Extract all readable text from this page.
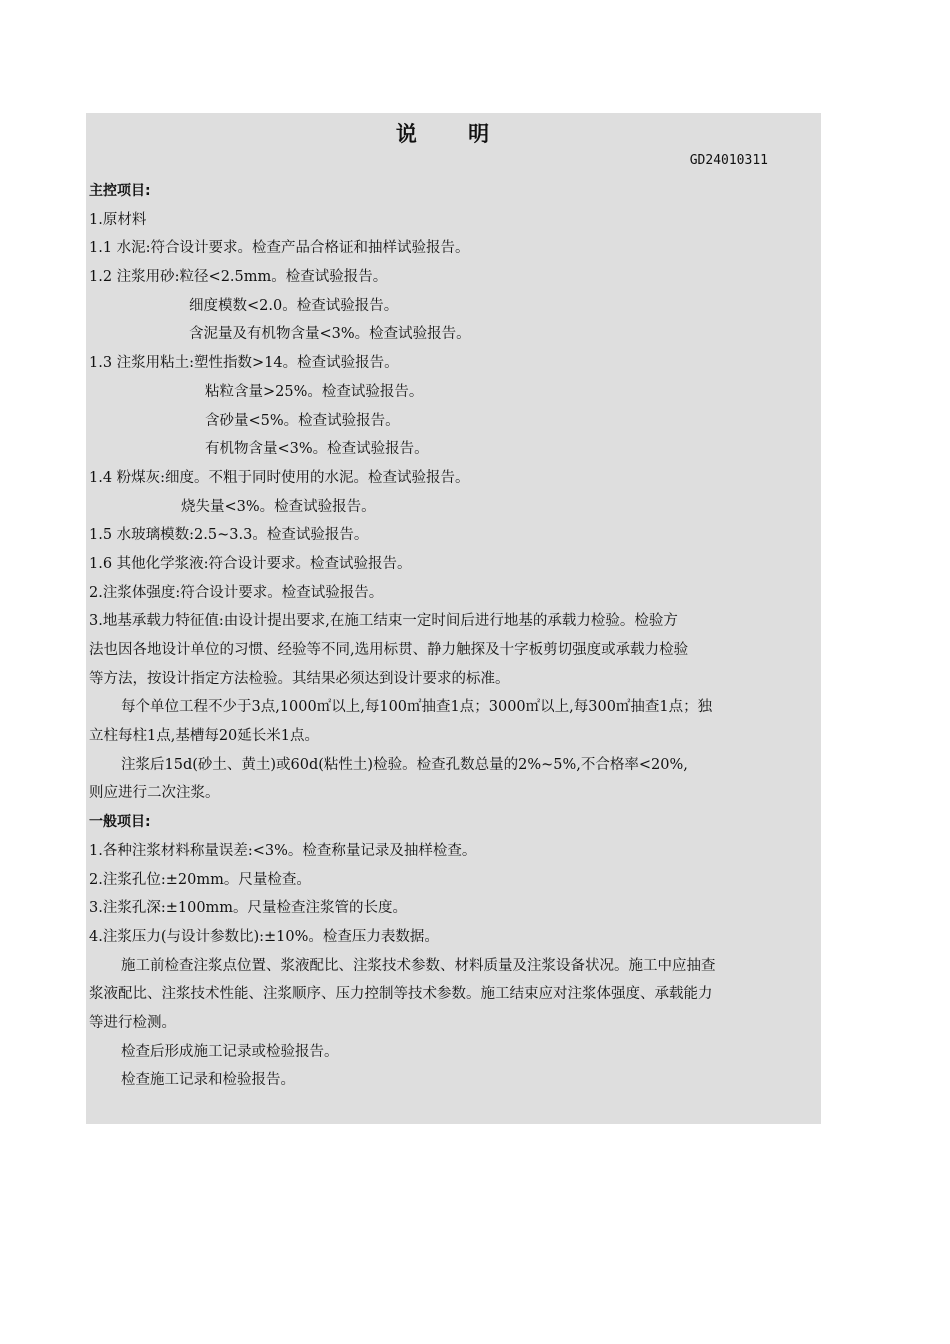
说 明
GD24010311
主控项目:
1.原材料
1.1 水泥:符合设计要求。检查产品合格证和抽样试验报告。
1.2 注浆用砂:粒径<2.5mm。检查试验报告。
细度模数<2.0。检查试验报告。
含泥量及有机物含量<3%。检查试验报告。
1.3 注浆用粘土:塑性指数>14。检查试验报告。
粘粒含量>25%。检查试验报告。
含砂量<5%。检查试验报告。
有机物含量<3%。检查试验报告。
1.4 粉煤灰:细度。不粗于同时使用的水泥。检查试验报告。
烧失量<3%。检查试验报告。
1.5 水玻璃模数:2.5~3.3。检查试验报告。
1.6 其他化学浆液:符合设计要求。检查试验报告。
2.注浆体强度:符合设计要求。检查试验报告。
3.地基承载力特征值:由设计提出要求,在施工结束一定时间后进行地基的承载力检验。检验方
法也因各地设计单位的习惯、经验等不同,选用标贯、静力触探及十字板剪切强度或承载力检验
等方法，按设计指定方法检验。其结果必须达到设计要求的标准。
每个单位工程不少于3点,1000㎡以上,每100㎡抽查1点；3000㎡以上,每300㎡抽查1点；独
立柱每柱1点,基槽每20延长米1点。
注浆后15d(砂土、黄土)或60d(粘性土)检验。检查孔数总量的2%~5%,不合格率<20%,
则应进行二次注浆。
一般项目:
1.各种注浆材料称量误差:<3%。检查称量记录及抽样检查。
2.注浆孔位:±20mm。尺量检查。
3.注浆孔深:±100mm。尺量检查注浆管的长度。
4.注浆压力(与设计参数比):±10%。检查压力表数据。
施工前检查注浆点位置、浆液配比、注浆技术参数、材料质量及注浆设备状况。施工中应抽查
浆液配比、注浆技术性能、注浆顺序、压力控制等技术参数。施工结束应对注浆体强度、承载能力
等进行检测。
检查后形成施工记录或检验报告。
检查施工记录和检验报告。
